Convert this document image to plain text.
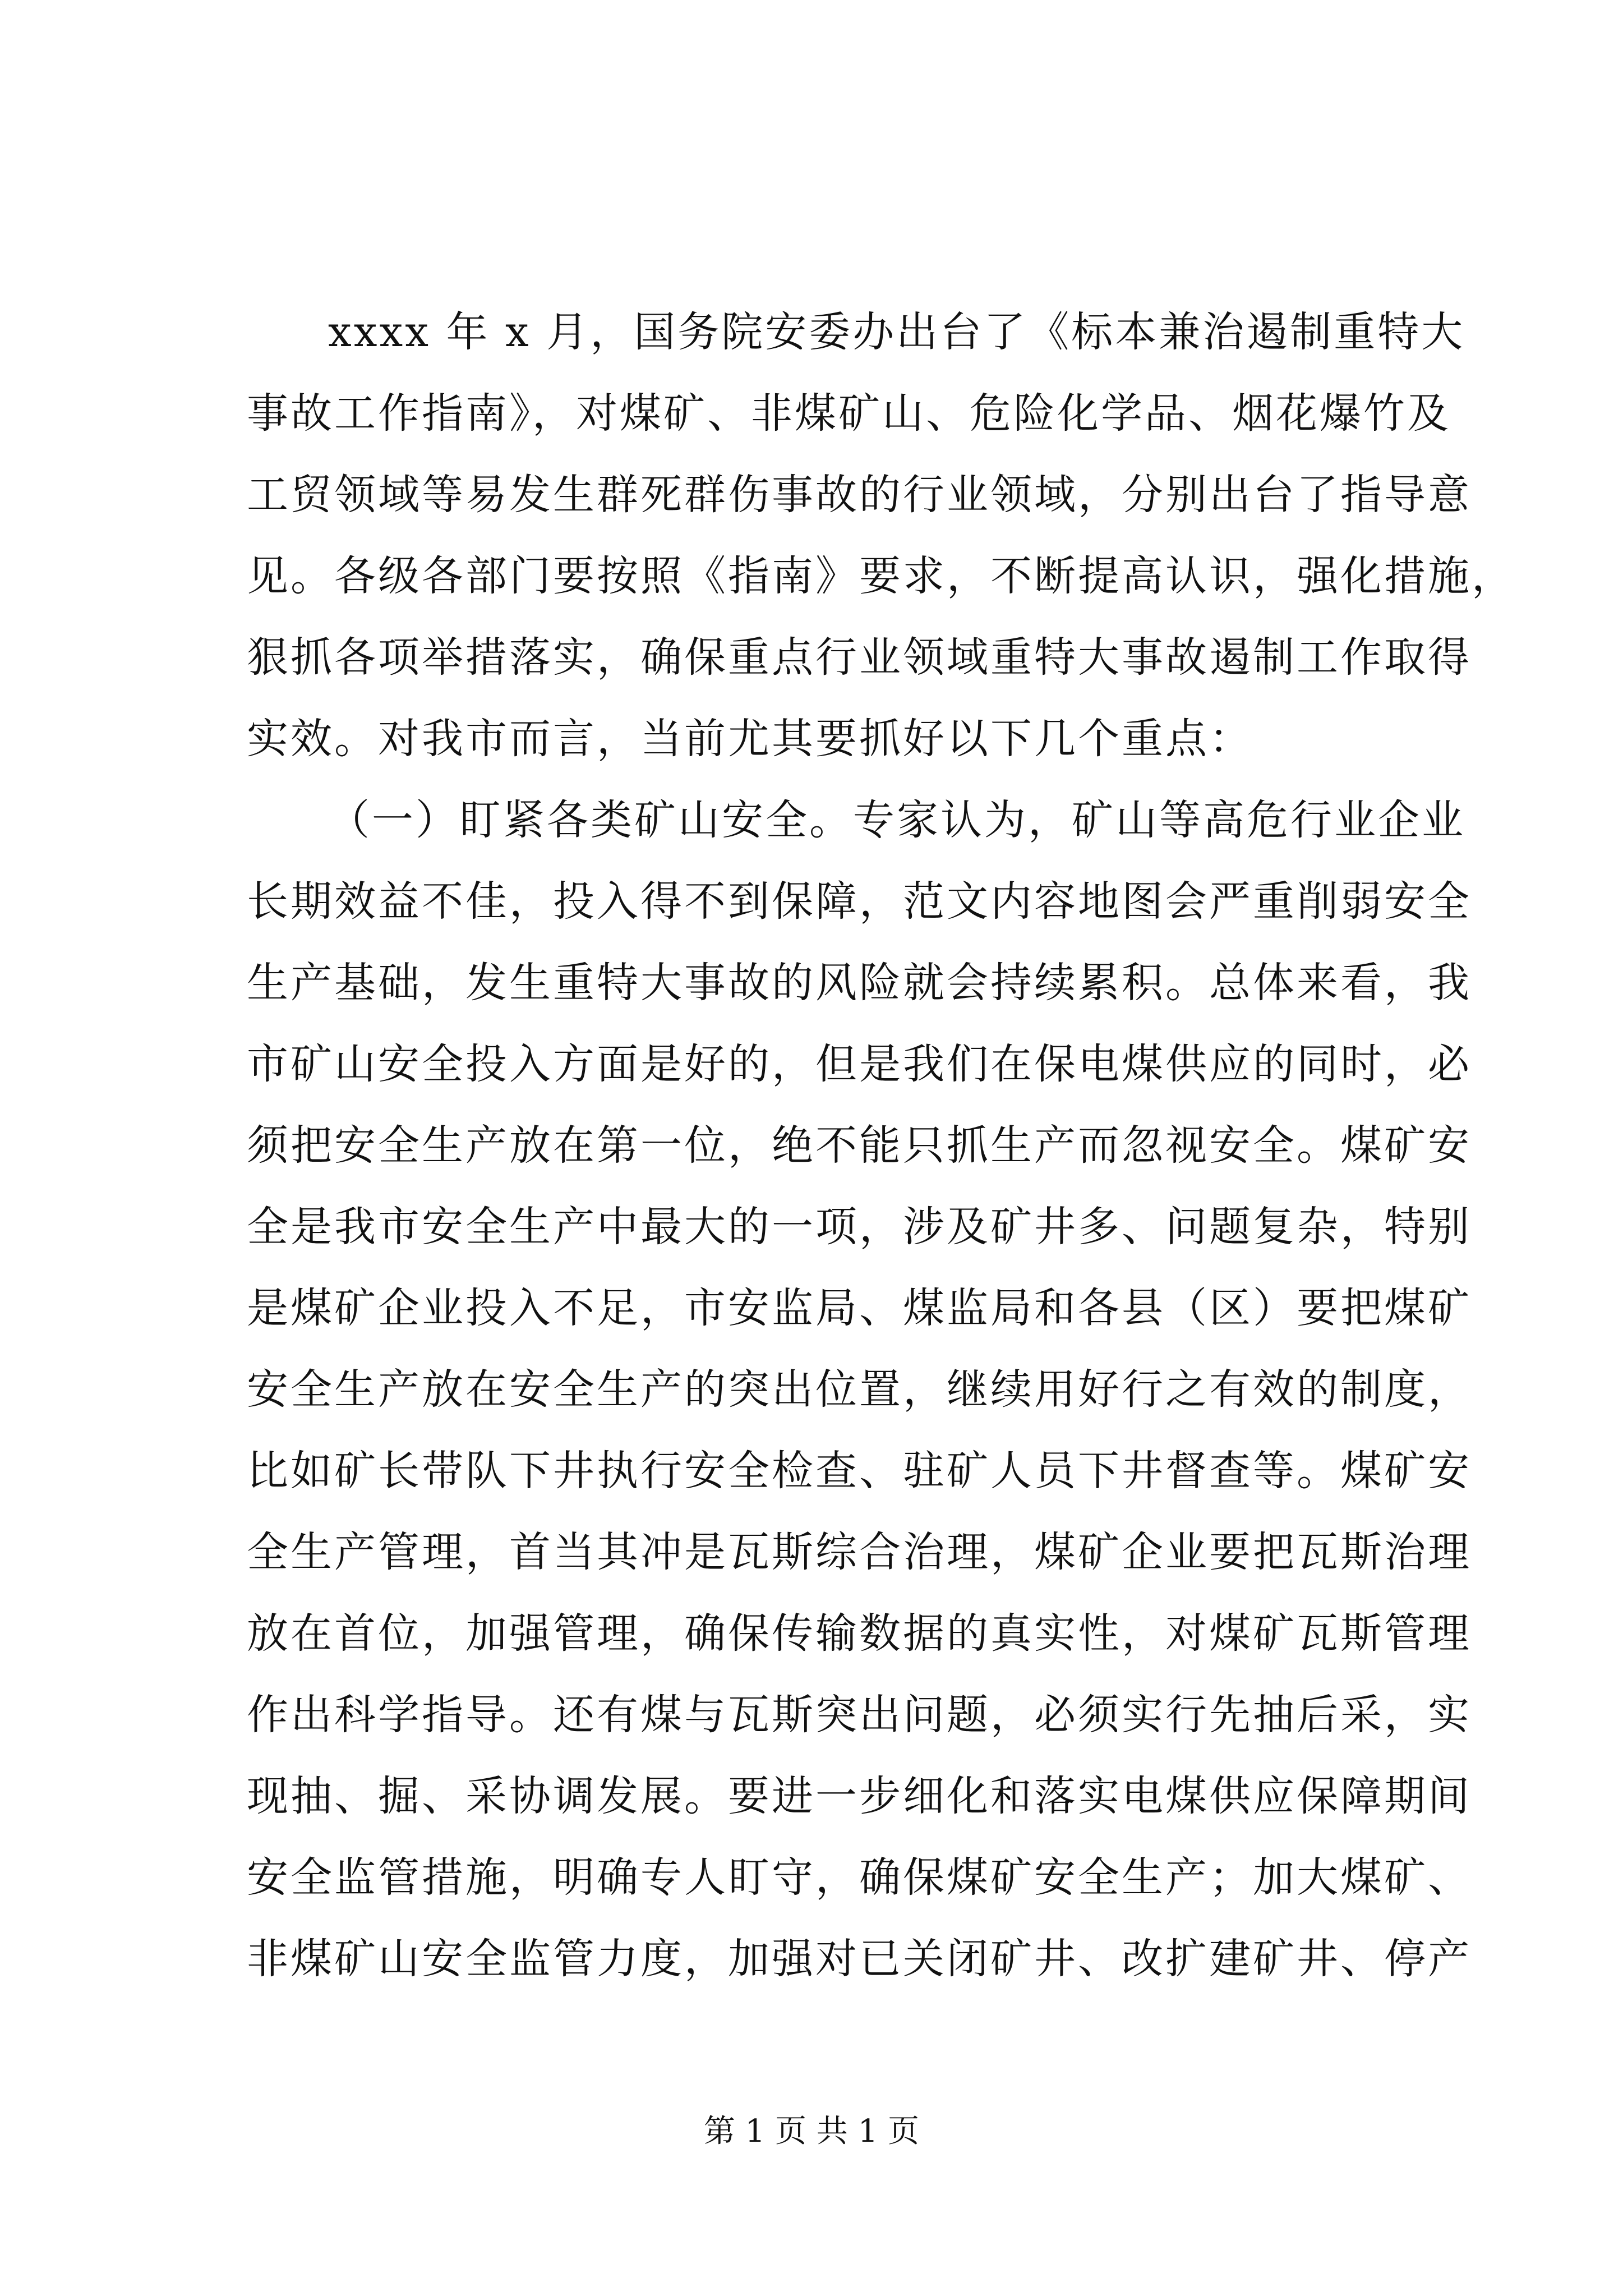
xxxx 年 x 月，国务院安委办出台了《标本兼治遏制重特大
事故工作指南》，对煤矿、非煤矿山、危险化学品、烟花爆竹及
工贸领域等易发生群死群伤事故的行业领域，分别出台了指导意
见。各级各部门要按照《指南》要求，不断提高认识，强化措施，
狠抓各项举措落实，确保重点行业领域重特大事故遏制工作取得
实效。对我市而言，当前尤其要抓好以下几个重点：
（一）盯紧各类矿山安全。专家认为，矿山等高危行业企业
长期效益不佳，投入得不到保障，范文内容地图会严重削弱安全
生产基础，发生重特大事故的风险就会持续累积。总体来看，我
市矿山安全投入方面是好的，但是我们在保电煤供应的同时，必
须把安全生产放在第一位，绝不能只抓生产而忽视安全。煤矿安
全是我市安全生产中最大的一项，涉及矿井多、问题复杂，特别
是煤矿企业投入不足，市安监局、煤监局和各县（区）要把煤矿
安全生产放在安全生产的突出位置，继续用好行之有效的制度，
比如矿长带队下井执行安全检查、驻矿人员下井督查等。煤矿安
全生产管理，首当其冲是瓦斯综合治理，煤矿企业要把瓦斯治理
放在首位，加强管理，确保传输数据的真实性，对煤矿瓦斯管理
作出科学指导。还有煤与瓦斯突出问题，必须实行先抽后采，实
现抽、掘、采协调发展。要进一步细化和落实电煤供应保障期间
安全监管措施，明确专人盯守，确保煤矿安全生产；加大煤矿、
非煤矿山安全监管力度，加强对已关闭矿井、改扩建矿井、停产
第 1 页 共 1 页
